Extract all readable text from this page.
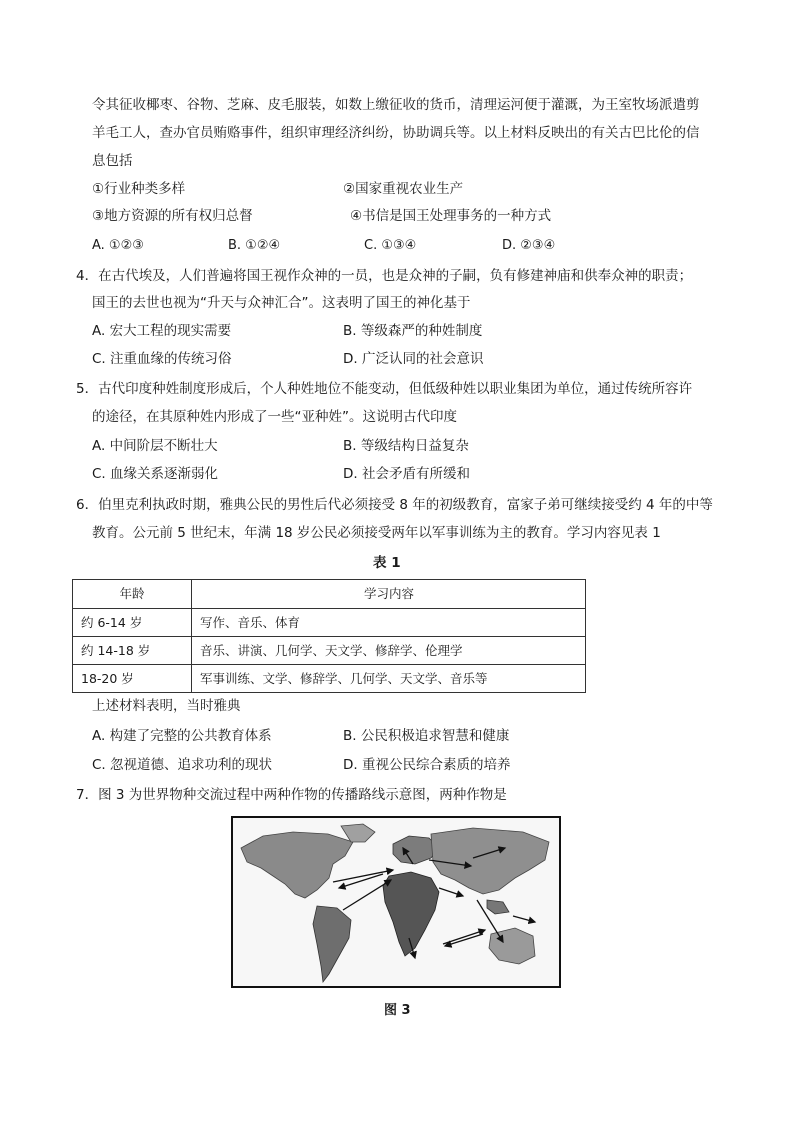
令其征收椰枣、谷物、芝麻、皮毛服装，如数上缴征收的货币，清理运河便于灌溉，为王室牧场派遣剪
羊毛工人，查办官员贿赂事件，组织审理经济纠纷，协助调兵等。以上材料反映出的有关古巴比伦的信
息包括
①行业种类多样	②国家重视农业生产
③地方资源的所有权归总督	④书信是国王处理事务的一种方式
A. ①②③	B. ①②④	C. ①③④	D. ②③④
4．在古代埃及，人们普遍将国王视作众神的一员，也是众神的子嗣，负有修建神庙和供奉众神的职责；
国王的去世也视为“升天与众神汇合”。这表明了国王的神化基于
A. 宏大工程的现实需要	B. 等级森严的种姓制度
C. 注重血缘的传统习俗	D. 广泛认同的社会意识
5．古代印度种姓制度形成后，个人种姓地位不能变动，但低级种姓以职业集团为单位，通过传统所容许
的途径，在其原种姓内形成了一些“亚种姓”。这说明古代印度
A. 中间阶层不断壮大	B. 等级结构日益复杂
C. 血缘关系逐渐弱化	D. 社会矛盾有所缓和
6．伯里克利执政时期，雅典公民的男性后代必须接受 8 年的初级教育，富家子弟可继续接受约 4 年的中等
教育。公元前 5 世纪末，年满 18 岁公民必须接受两年以军事训练为主的教育。学习内容见表 1
表 1
年龄	学习内容
约 6-14 岁	写作、音乐、体育
约 14-18 岁	音乐、讲演、几何学、天文学、修辞学、伦理学
18-20 岁	军事训练、文学、修辞学、几何学、天文学、音乐等
上述材料表明，当时雅典
A. 构建了完整的公共教育体系	B. 公民积极追求智慧和健康
C. 忽视道德、追求功利的现状	D. 重视公民综合素质的培养
7．图 3 为世界物种交流过程中两种作物的传播路线示意图，两种作物是
图 3
